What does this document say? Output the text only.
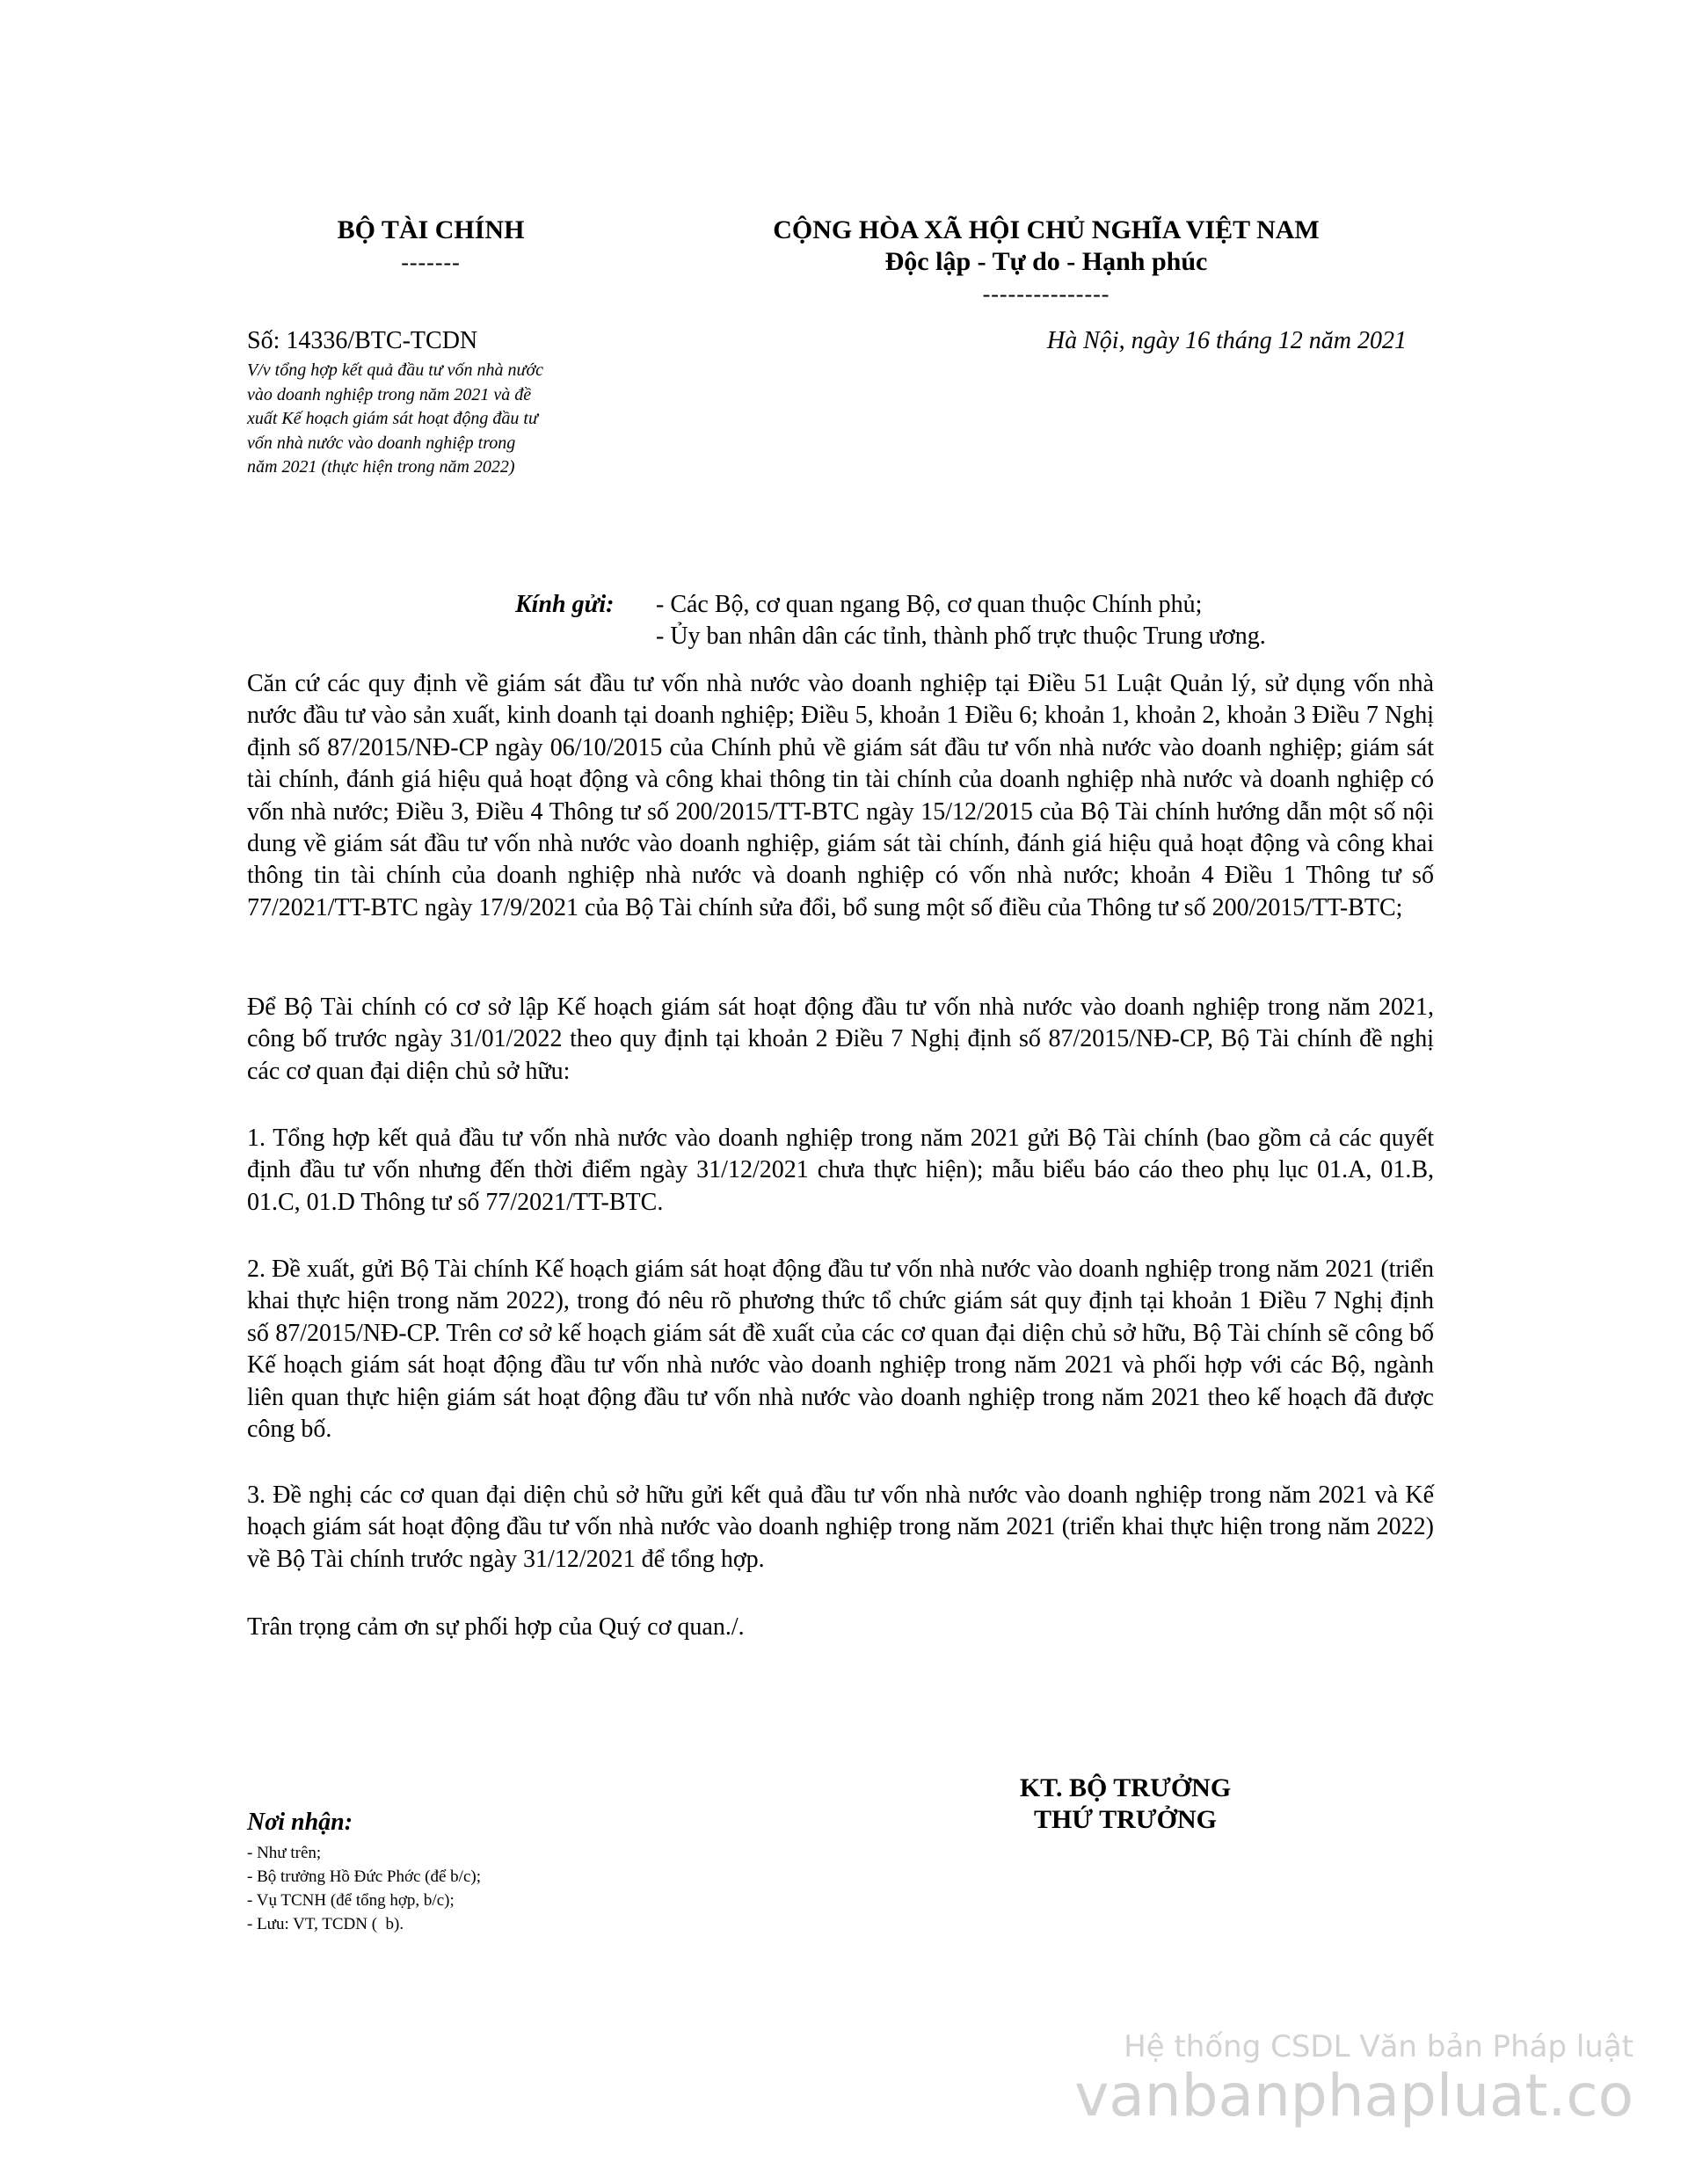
BỘ TÀI CHÍNH
-------
CỘNG HÒA XÃ HỘI CHỦ NGHĨA VIỆT NAM
Độc lập - Tự do - Hạnh phúc
---------------
Số: 14336/BTC-TCDN	Hà Nội, ngày 16 tháng 12 năm 2021
V/v tổng hợp kết quả đầu tư vốn nhà nước
vào doanh nghiệp trong năm 2021 và đề
xuất Kế hoạch giám sát hoạt động đầu tư
vốn nhà nước vào doanh nghiệp trong
năm 2021 (thực hiện trong năm 2022)
Kính gửi: - Các Bộ, cơ quan ngang Bộ, cơ quan thuộc Chính phủ;
- Ủy ban nhân dân các tỉnh, thành phố trực thuộc Trung ương.
Căn cứ các quy định về giám sát đầu tư vốn nhà nước vào doanh nghiệp tại Điều 51 Luật Quản lý, sử dụng vốn nhà nước đầu tư vào sản xuất, kinh doanh tại doanh nghiệp; Điều 5, khoản 1 Điều 6; khoản 1, khoản 2, khoản 3 Điều 7 Nghị định số 87/2015/NĐ-CP ngày 06/10/2015 của Chính phủ về giám sát đầu tư vốn nhà nước vào doanh nghiệp; giám sát tài chính, đánh giá hiệu quả hoạt động và công khai thông tin tài chính của doanh nghiệp nhà nước và doanh nghiệp có vốn nhà nước; Điều 3, Điều 4 Thông tư số 200/2015/TT-BTC ngày 15/12/2015 của Bộ Tài chính hướng dẫn một số nội dung về giám sát đầu tư vốn nhà nước vào doanh nghiệp, giám sát tài chính, đánh giá hiệu quả hoạt động và công khai thông tin tài chính của doanh nghiệp nhà nước và doanh nghiệp có vốn nhà nước; khoản 4 Điều 1 Thông tư số 77/2021/TT-BTC ngày 17/9/2021 của Bộ Tài chính sửa đổi, bổ sung một số điều của Thông tư số 200/2015/TT-BTC;
Để Bộ Tài chính có cơ sở lập Kế hoạch giám sát hoạt động đầu tư vốn nhà nước vào doanh nghiệp trong năm 2021, công bố trước ngày 31/01/2022 theo quy định tại khoản 2 Điều 7 Nghị định số 87/2015/NĐ-CP, Bộ Tài chính đề nghị các cơ quan đại diện chủ sở hữu:
1. Tổng hợp kết quả đầu tư vốn nhà nước vào doanh nghiệp trong năm 2021 gửi Bộ Tài chính (bao gồm cả các quyết định đầu tư vốn nhưng đến thời điểm ngày 31/12/2021 chưa thực hiện); mẫu biểu báo cáo theo phụ lục 01.A, 01.B, 01.C, 01.D Thông tư số 77/2021/TT-BTC.
2. Đề xuất, gửi Bộ Tài chính Kế hoạch giám sát hoạt động đầu tư vốn nhà nước vào doanh nghiệp trong năm 2021 (triển khai thực hiện trong năm 2022), trong đó nêu rõ phương thức tổ chức giám sát quy định tại khoản 1 Điều 7 Nghị định số 87/2015/NĐ-CP. Trên cơ sở kế hoạch giám sát đề xuất của các cơ quan đại diện chủ sở hữu, Bộ Tài chính sẽ công bố Kế hoạch giám sát hoạt động đầu tư vốn nhà nước vào doanh nghiệp trong năm 2021 và phối hợp với các Bộ, ngành liên quan thực hiện giám sát hoạt động đầu tư vốn nhà nước vào doanh nghiệp trong năm 2021 theo kế hoạch đã được công bố.
3. Đề nghị các cơ quan đại diện chủ sở hữu gửi kết quả đầu tư vốn nhà nước vào doanh nghiệp trong năm 2021 và Kế hoạch giám sát hoạt động đầu tư vốn nhà nước vào doanh nghiệp trong năm 2021 (triển khai thực hiện trong năm 2022) về Bộ Tài chính trước ngày 31/12/2021 để tổng hợp.
Trân trọng cảm ơn sự phối hợp của Quý cơ quan./.
KT. BỘ TRƯỞNG
THỨ TRƯỞNG
Nơi nhận:
- Như trên;
- Bộ trưởng Hồ Đức Phớc (để b/c);
- Vụ TCNH (để tổng hợp, b/c);
- Lưu: VT, TCDN (  b).
Hệ thống CSDL Văn bản Pháp luật
vanbanphapluat.co
